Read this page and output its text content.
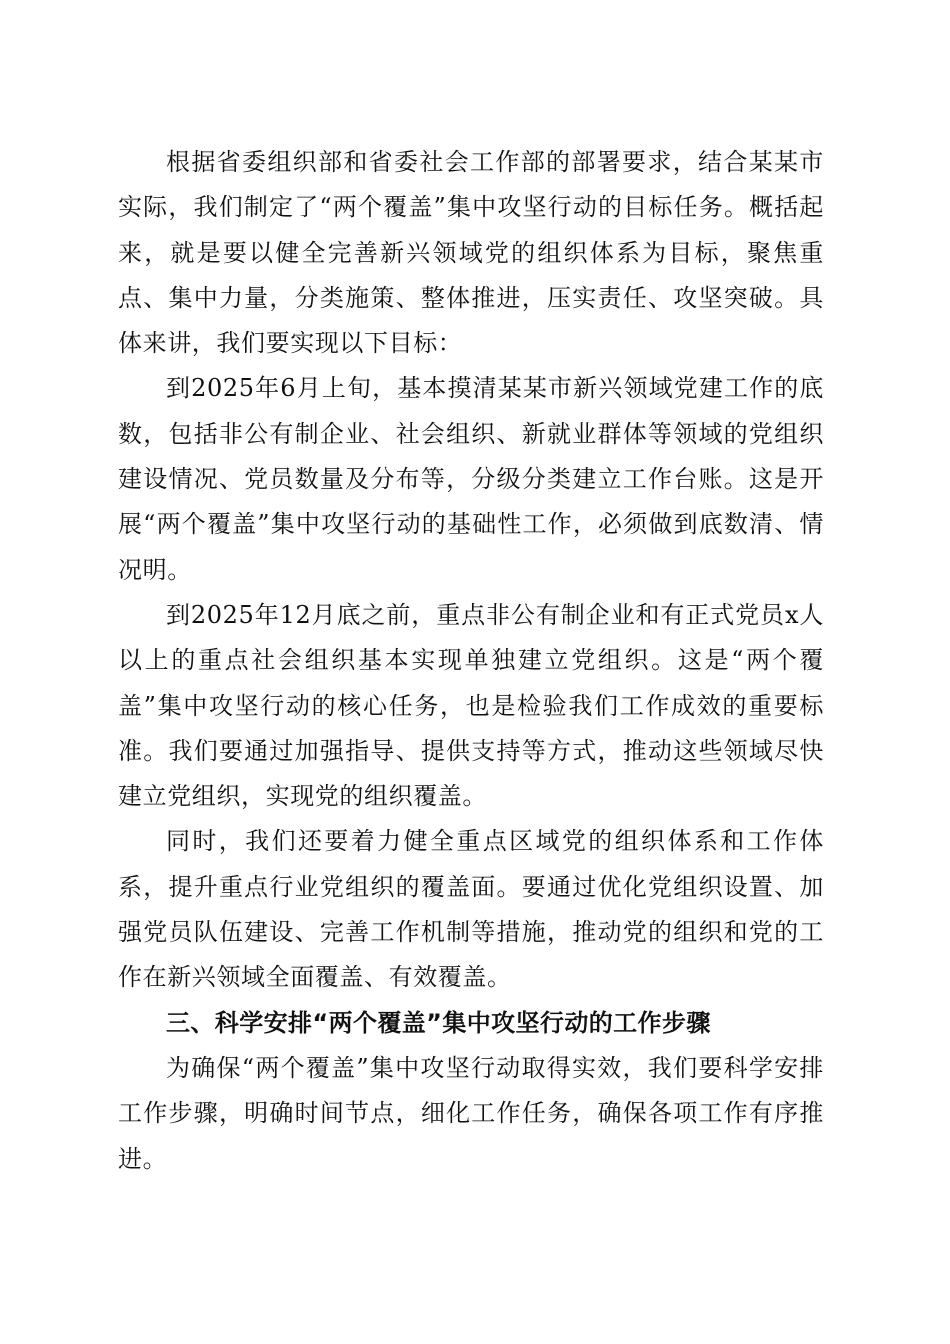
根据省委组织部和省委社会工作部的部署要求，结合某某市实际，我们制定了“两个覆盖”集中攻坚行动的目标任务。概括起来，就是要以健全完善新兴领域党的组织体系为目标，聚焦重点、集中力量，分类施策、整体推进，压实责任、攻坚突破。具体来讲，我们要实现以下目标：

到2025年6月上旬，基本摸清某某市新兴领域党建工作的底数，包括非公有制企业、社会组织、新就业群体等领域的党组织建设情况、党员数量及分布等，分级分类建立工作台账。这是开展“两个覆盖”集中攻坚行动的基础性工作，必须做到底数清、情况明。

到2025年12月底之前，重点非公有制企业和有正式党员x人以上的重点社会组织基本实现单独建立党组织。这是“两个覆盖”集中攻坚行动的核心任务，也是检验我们工作成效的重要标准。我们要通过加强指导、提供支持等方式，推动这些领域尽快建立党组织，实现党的组织覆盖。

同时，我们还要着力健全重点区域党的组织体系和工作体系，提升重点行业党组织的覆盖面。要通过优化党组织设置、加强党员队伍建设、完善工作机制等措施，推动党的组织和党的工作在新兴领域全面覆盖、有效覆盖。

三、科学安排“两个覆盖”集中攻坚行动的工作步骤

为确保“两个覆盖”集中攻坚行动取得实效，我们要科学安排工作步骤，明确时间节点，细化工作任务，确保各项工作有序推进。
